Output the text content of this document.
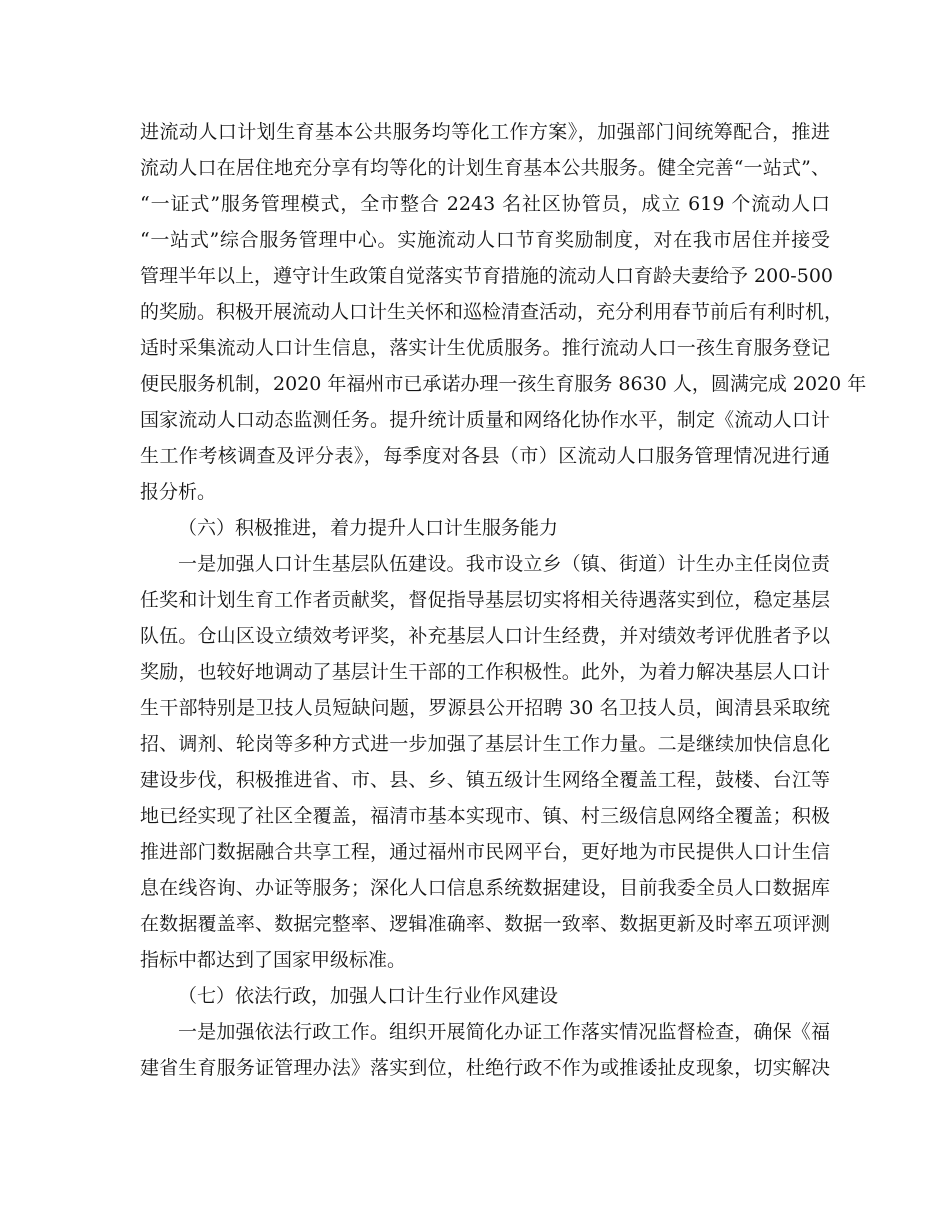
进流动人口计划生育基本公共服务均等化工作方案》，加强部门间统筹配合，推进
流动人口在居住地充分享有均等化的计划生育基本公共服务。健全完善“一站式”、
“一证式”服务管理模式，全市整合 2243 名社区协管员，成立 619 个流动人口
“一站式”综合服务管理中心。实施流动人口节育奖励制度，对在我市居住并接受
管理半年以上，遵守计生政策自觉落实节育措施的流动人口育龄夫妻给予 200-500
的奖励。积极开展流动人口计生关怀和巡检清查活动，充分利用春节前后有利时机，
适时采集流动人口计生信息，落实计生优质服务。推行流动人口一孩生育服务登记
便民服务机制，2020 年福州市已承诺办理一孩生育服务 8630 人，圆满完成 2020 年
国家流动人口动态监测任务。提升统计质量和网络化协作水平，制定《流动人口计
生工作考核调查及评分表》，每季度对各县（市）区流动人口服务管理情况进行通
报分析。
（六）积极推进，着力提升人口计生服务能力
一是加强人口计生基层队伍建设。我市设立乡（镇、街道）计生办主任岗位责
任奖和计划生育工作者贡献奖，督促指导基层切实将相关待遇落实到位，稳定基层
队伍。仓山区设立绩效考评奖，补充基层人口计生经费，并对绩效考评优胜者予以
奖励，也较好地调动了基层计生干部的工作积极性。此外，为着力解决基层人口计
生干部特别是卫技人员短缺问题，罗源县公开招聘 30 名卫技人员，闽清县采取统
招、调剂、轮岗等多种方式进一步加强了基层计生工作力量。二是继续加快信息化
建设步伐，积极推进省、市、县、乡、镇五级计生网络全覆盖工程，鼓楼、台江等
地已经实现了社区全覆盖，福清市基本实现市、镇、村三级信息网络全覆盖；积极
推进部门数据融合共享工程，通过福州市民网平台，更好地为市民提供人口计生信
息在线咨询、办证等服务；深化人口信息系统数据建设，目前我委全员人口数据库
在数据覆盖率、数据完整率、逻辑准确率、数据一致率、数据更新及时率五项评测
指标中都达到了国家甲级标准。
（七）依法行政，加强人口计生行业作风建设
一是加强依法行政工作。组织开展简化办证工作落实情况监督检查，确保《福
建省生育服务证管理办法》落实到位，杜绝行政不作为或推诿扯皮现象，切实解决
